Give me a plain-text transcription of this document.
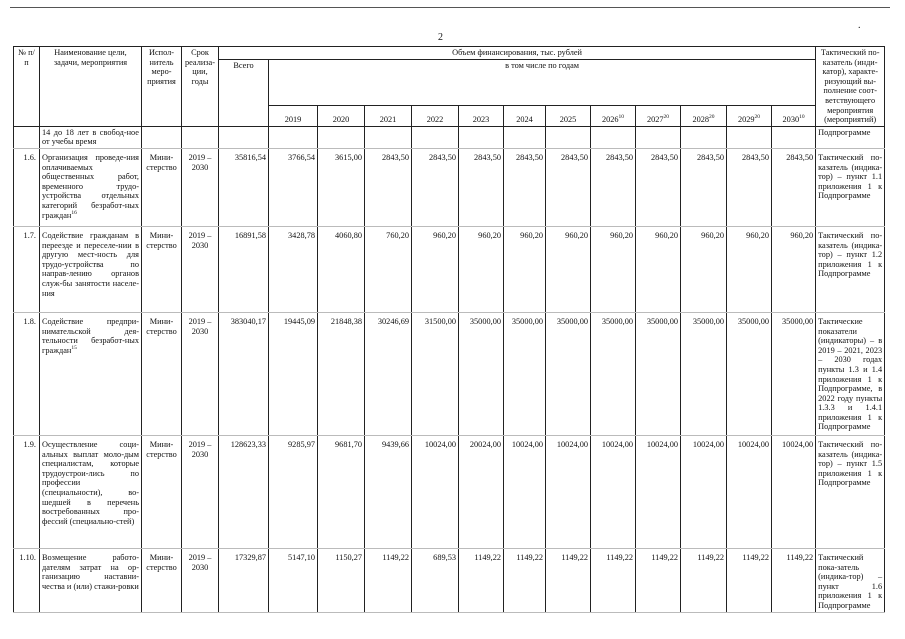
2
.
№ п/п	Наименование цели, задачи, мероприятия	Испол-нитель меро-приятия	Срок реализа-ции, годы	Объем финансирования, тыс. рублей													Тактический по-казатель (инди-катор), характе-ризующий вы-полнение соот-ветствующего мероприятия (мероприятий)
				Всего	в том числе по годам												
					2019	2020	2021	2022	2023	2024	2025	2026$^{10}$	2027$^{20}$	2028$^{20}$	2029$^{20}$	2030$^{10}$
	14 до 18 лет в свобод-ное от учебы время																Подпрограмме
1.6.	Организация проведе-ния оплачиваемых общественных работ, временного трудо-устройства отдельных категорий безработ-ных граждан$^{16}$	Мини-стерство	2019 – 2030	35816,54	3766,54	3615,00	2843,50	2843,50	2843,50	2843,50	2843,50	2843,50	2843,50	2843,50	2843,50	2843,50	Тактический по-казатель (индика-тор) – пункт 1.1 приложения 1 к Подпрограмме
1.7.	Содействие гражданам в переезде и переселе-нии в другую мест-ность для трудо-устройства по направ-лению органов служ-бы занятости населе-ния	Мини-стерство	2019 – 2030	16891,58	3428,78	4060,80	760,20	960,20	960,20	960,20	960,20	960,20	960,20	960,20	960,20	960,20	Тактический по-казатель (индика-тор) – пункт 1.2 приложения 1 к Подпрограмме
1.8.	Содействие предпри-нимательской дея-тельности безработ-ных граждан$^{15}$	Мини-стерство	2019 – 2030	383040,17	19445,09	21848,38	30246,69	31500,00	35000,00	35000,00	35000,00	35000,00	35000,00	35000,00	35000,00	35000,00	Тактические показатели (индикаторы) – в 2019 – 2021, 2023 – 2030 годах пункты 1.3 и 1.4 приложения 1 к Подпрограмме, в 2022 году пункты 1.3.3 и 1.4.1 приложения 1 к Подпрограмме
1.9.	Осуществление соци-альных выплат моло-дым специалистам, которые трудоустрои-лись по профессии (специальности), во-шедшей в перечень востребованных про-фессий (специально-стей)	Мини-стерство	2019 – 2030	128623,33	9285,97	9681,70	9439,66	10024,00	20024,00	10024,00	10024,00	10024,00	10024,00	10024,00	10024,00	10024,00	Тактический по-казатель (индика-тор) – пункт 1.5 приложения 1 к Подпрограмме
1.10.	Возмещение работо-дателям затрат на ор-ганизацию наставни-чества и (или) стажи-ровки	Мини-стерство	2019 – 2030	17329,87	5147,10	1150,27	1149,22	689,53	1149,22	1149,22	1149,22	1149,22	1149,22	1149,22	1149,22	1149,22	Тактический пока-затель (индика-тор) – пункт 1.6 приложения 1 к Подпрограмме
